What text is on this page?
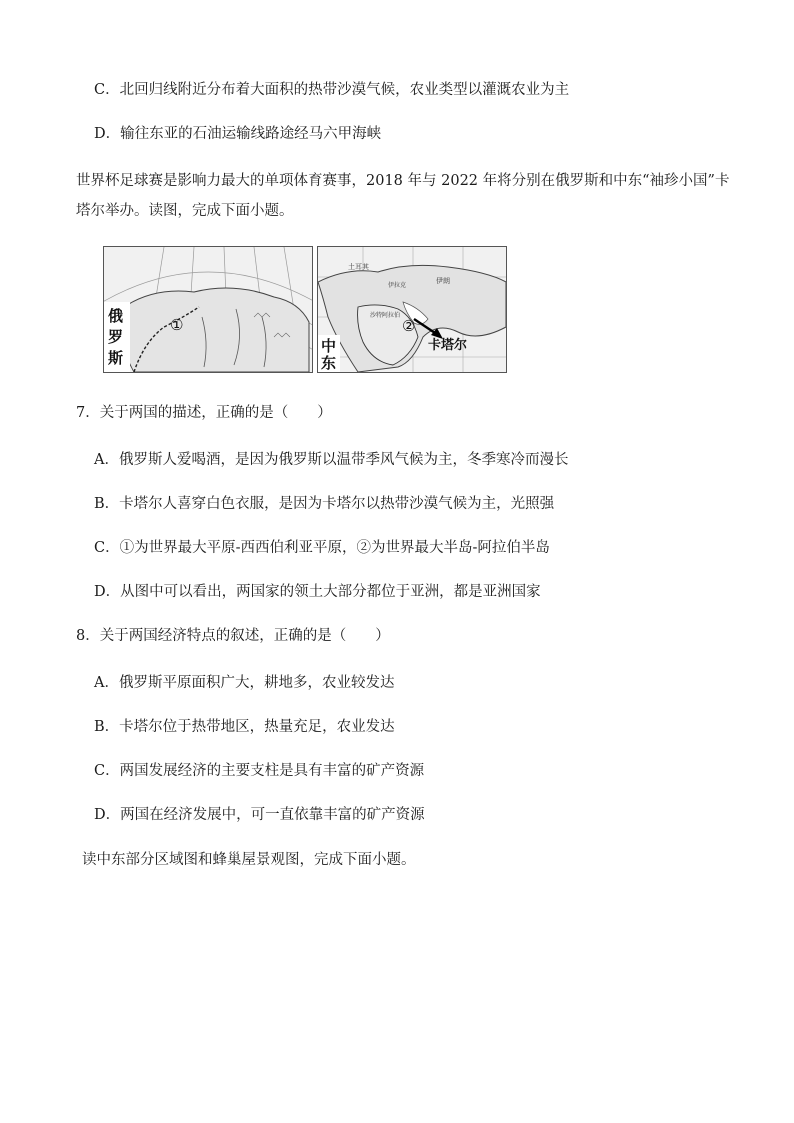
C．北回归线附近分布着大面积的热带沙漠气候，农业类型以灌溉农业为主
D．输往东亚的石油运输线路途经马六甲海峡
世界杯足球赛是影响力最大的单项体育赛事，2018 年与 2022 年将分别在俄罗斯和中东“袖珍小国”卡
塔尔举办。读图，完成下面小题。
俄
罗
斯
①
土耳其
伊朗
伊拉克
沙特阿拉伯
中
东
②
卡塔尔
7．关于两国的描述，正确的是（　　）
A．俄罗斯人爱喝酒，是因为俄罗斯以温带季风气候为主，冬季寒冷而漫长
B．卡塔尔人喜穿白色衣服，是因为卡塔尔以热带沙漠气候为主，光照强
C．①为世界最大平原-西西伯利亚平原，②为世界最大半岛-阿拉伯半岛
D．从图中可以看出，两国家的领土大部分都位于亚洲，都是亚洲国家
8．关于两国经济特点的叙述，正确的是（　　）
A．俄罗斯平原面积广大，耕地多，农业较发达
B．卡塔尔位于热带地区，热量充足，农业发达
C．两国发展经济的主要支柱是具有丰富的矿产资源
D．两国在经济发展中，可一直依靠丰富的矿产资源
读中东部分区域图和蜂巢屋景观图，完成下面小题。
